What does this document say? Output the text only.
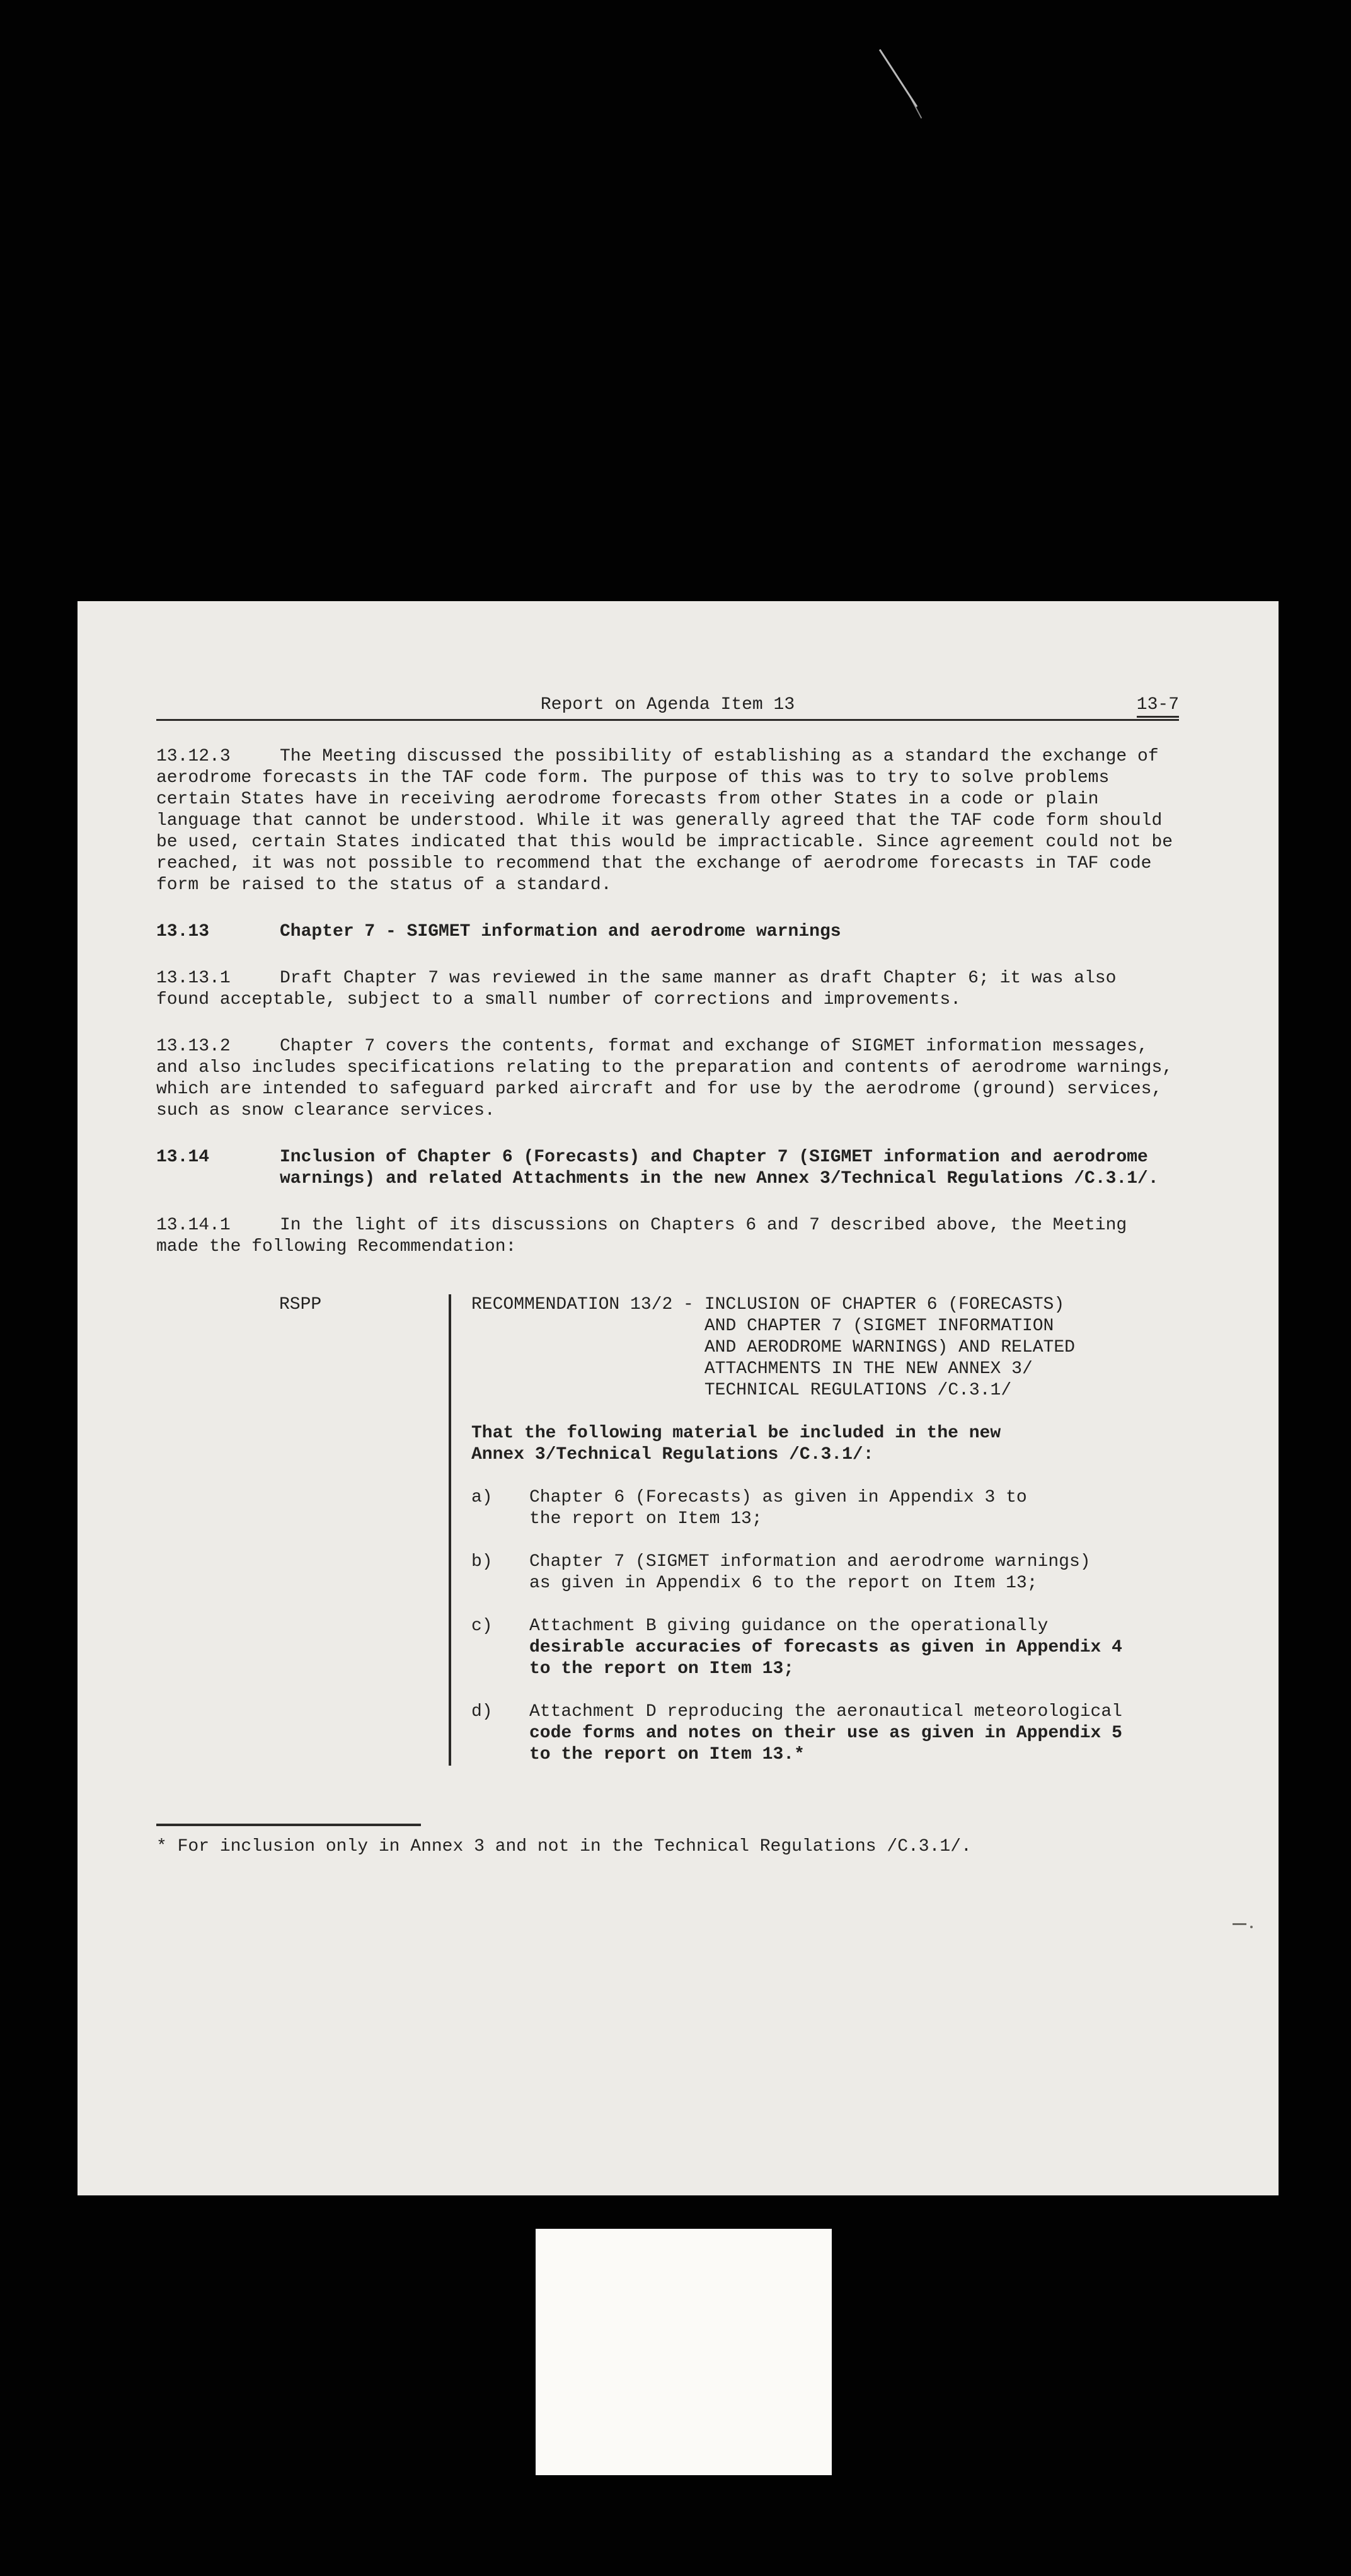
Report on Agenda Item 13	13-7

13.12.3	The Meeting discussed the possibility of establishing as a standard the exchange of aerodrome forecasts in the TAF code form. The purpose of this was to try to solve problems certain States have in receiving aerodrome forecasts from other States in a code or plain language that cannot be understood. While it was generally agreed that the TAF code form should be used, certain States indicated that this would be impracticable. Since agreement could not be reached, it was not possible to recommend that the exchange of aerodrome forecasts in TAF code form be raised to the status of a standard.

13.13	Chapter 7 - SIGMET information and aerodrome warnings

13.13.1	Draft Chapter 7 was reviewed in the same manner as draft Chapter 6; it was also found acceptable, subject to a small number of corrections and improvements.

13.13.2	Chapter 7 covers the contents, format and exchange of SIGMET information messages, and also includes specifications relating to the preparation and contents of aerodrome warnings, which are intended to safeguard parked aircraft and for use by the aerodrome (ground) services, such as snow clearance services.

13.14	Inclusion of Chapter 6 (Forecasts) and Chapter 7 (SIGMET information and aerodrome warnings) and related Attachments in the new Annex 3/Technical Regulations /C.3.1/.

13.14.1	In the light of its discussions on Chapters 6 and 7 described above, the Meeting made the following Recommendation:

RSPP	RECOMMENDATION 13/2 - INCLUSION OF CHAPTER 6 (FORECASTS)
AND CHAPTER 7 (SIGMET INFORMATION
AND AERODROME WARNINGS) AND RELATED
ATTACHMENTS IN THE NEW ANNEX 3/
TECHNICAL REGULATIONS /C.3.1/
That the following material be included in the new
Annex 3/Technical Regulations /C.3.1/:
a)	Chapter 6 (Forecasts) as given in Appendix 3 to
the report on Item 13;
b)	Chapter 7 (SIGMET information and aerodrome warnings)
as given in Appendix 6 to the report on Item 13;
c)	Attachment B giving guidance on the operationally
desirable accuracies of forecasts as given in Appendix 4
to the report on Item 13;
d)	Attachment D reproducing the aeronautical meteorological
code forms and notes on their use as given in Appendix 5
to the report on Item 13.*

* For inclusion only in Annex 3 and not in the Technical Regulations /C.3.1/.
